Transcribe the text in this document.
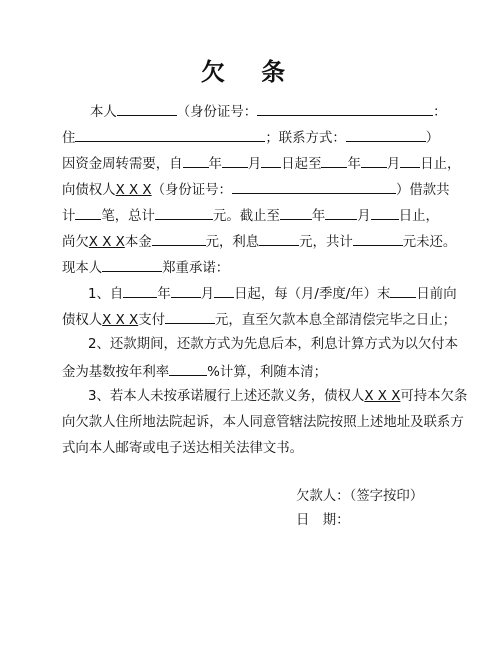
欠 条
本人	（身份证号：	：
住	；联系方式：	）
因资金周转需要，自 年 月 日起至 年 月 日止，
向债权人X X X（身份证号：	）借款共
计 笔，总计	元。截止至 年 月 日止，
尚欠X X X本金	元，利息	元，共计	元未还。
现本人	郑重承诺：
1、自	年 月 日起，每（月/季度/年）末 日前向
债权人X X X支付	元，直至欠款本息全部清偿完毕之日止；
2、还款期间，还款方式为先息后本，利息计算方式为以欠付本
金为基数按年利率	%计算，利随本清；
3、若本人未按承诺履行上述还款义务，债权人X X X可持本欠条
向欠款人住所地法院起诉，本人同意管辖法院按照上述地址及联系方
式向本人邮寄或电子送达相关法律文书。
欠款人：（签字按印）
日　期：
